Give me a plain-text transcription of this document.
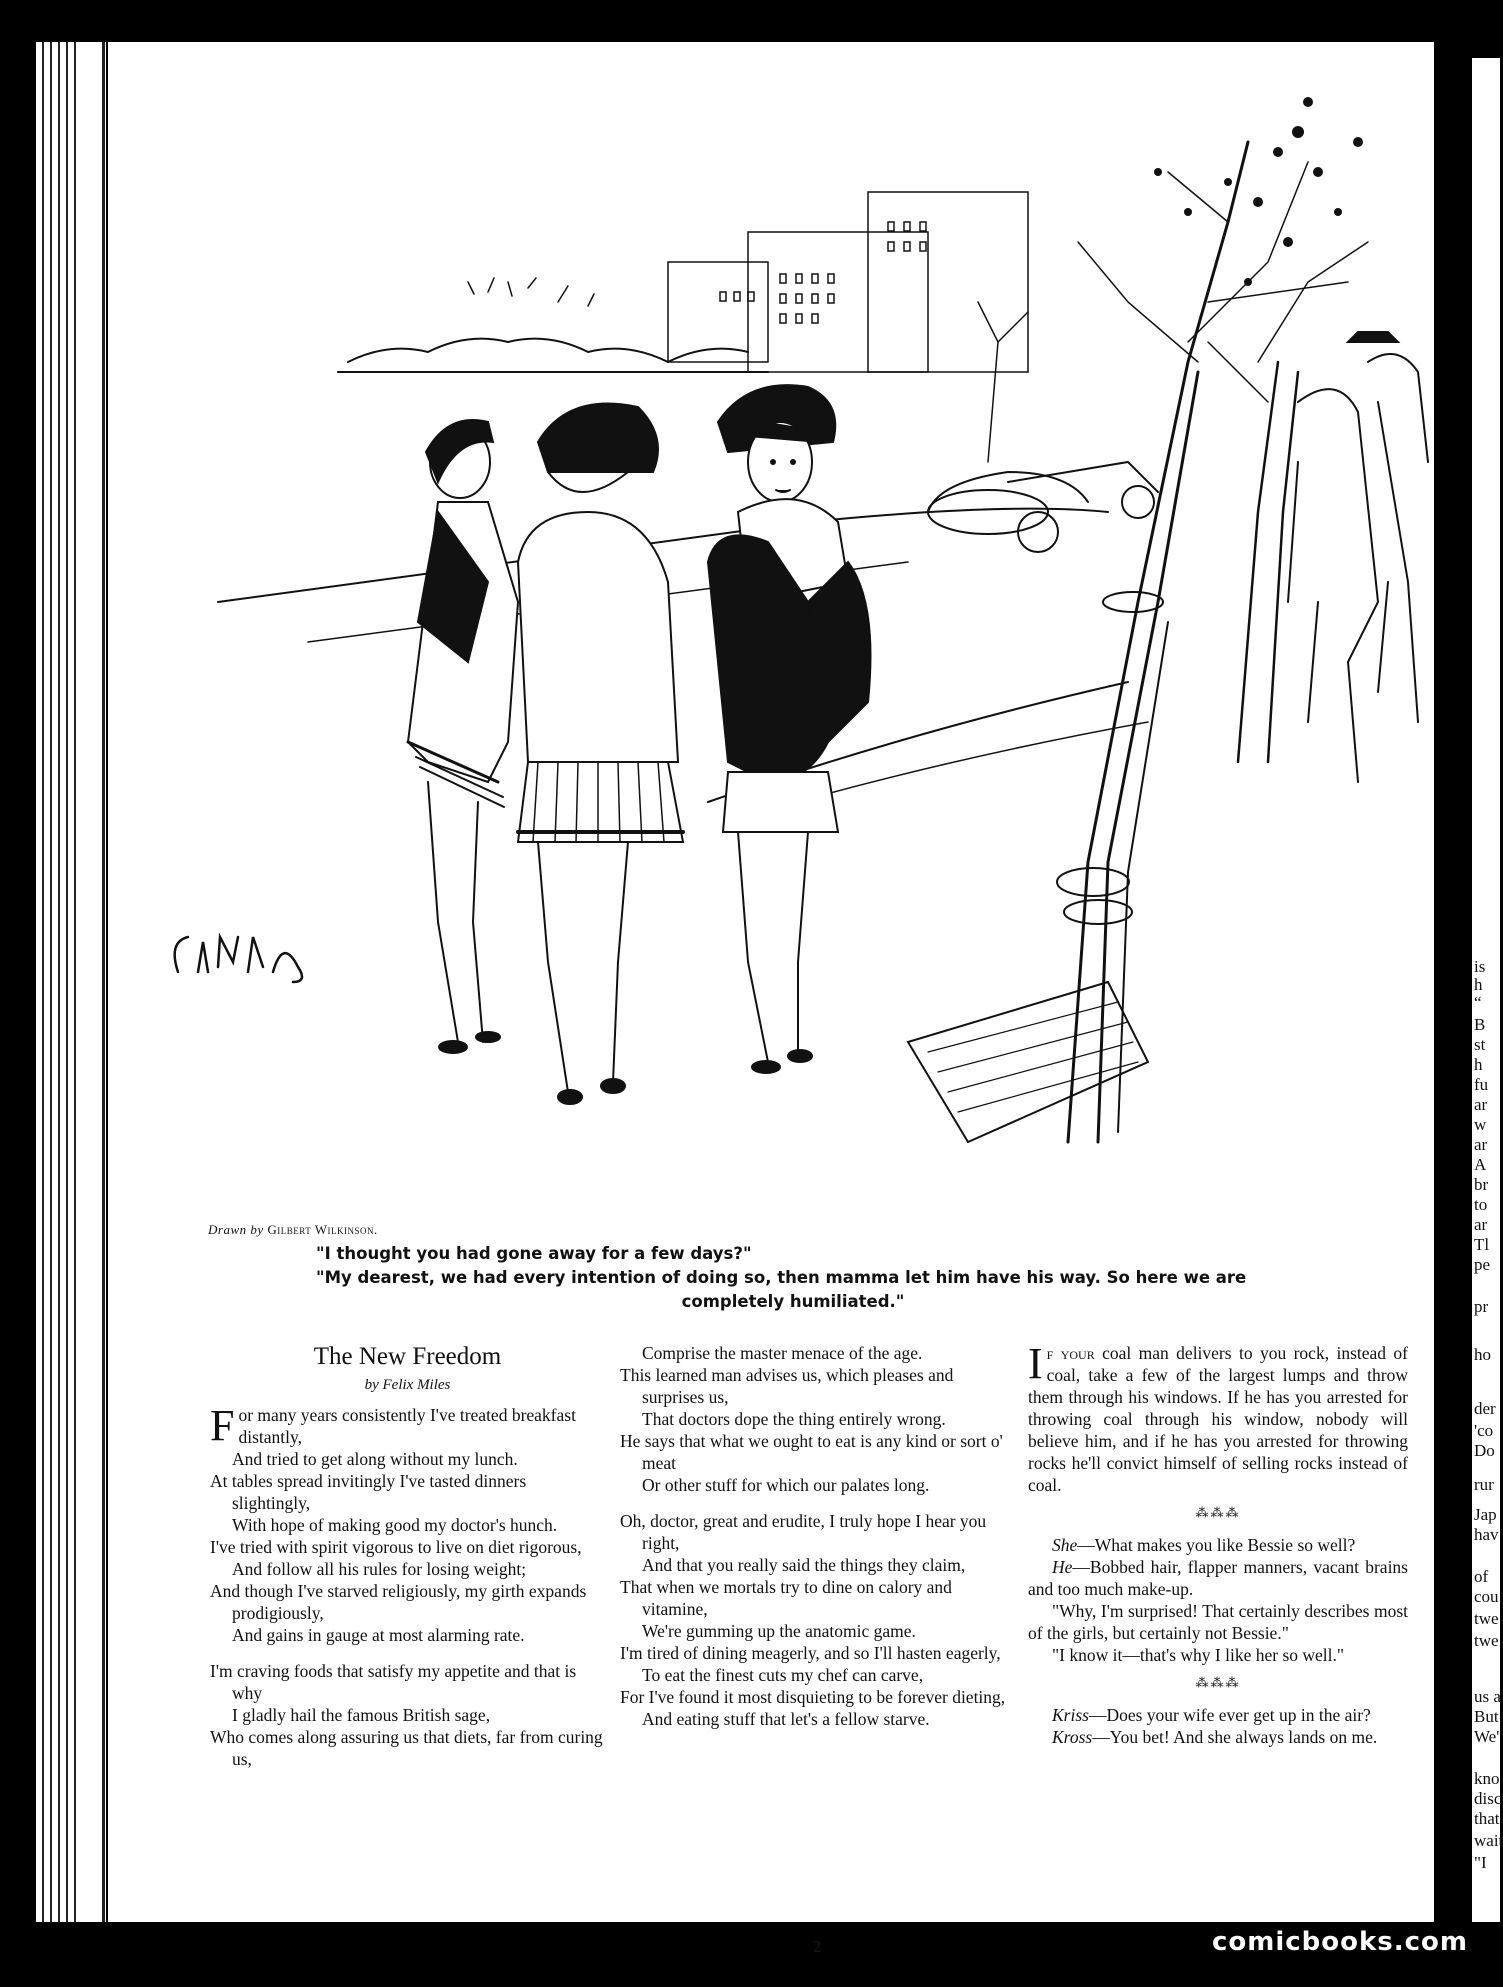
Drawn by Gilbert Wilkinson.
"I thought you had gone away for a few days?"
"My dearest, we had every intention of doing so, then mamma let him have his way. So here we are
completely humiliated."
The New Freedom
by Felix Miles
F or many years consistently I've treated breakfast distantly,
And tried to get along without my lunch.
At tables spread invitingly I've tasted dinners slightingly,
With hope of making good my doctor's hunch.
I've tried with spirit vigorous to live on diet rigorous,
And follow all his rules for losing weight;
And though I've starved religiously, my girth expands prodigiously,
And gains in gauge at most alarming rate.
I'm craving foods that satisfy my appetite and that is why
I gladly hail the famous British sage,
Who comes along assuring us that diets, far from curing us,
Comprise the master menace of the age.
This learned man advises us, which pleases and surprises us,
That doctors dope the thing entirely wrong.
He says that what we ought to eat is any kind or sort o' meat
Or other stuff for which our palates long.
Oh, doctor, great and erudite, I truly hope I hear you right,
And that you really said the things they claim,
That when we mortals try to dine on calory and vitamine,
We're gumming up the anatomic game.
I'm tired of dining meagerly, and so I'll hasten eagerly,
To eat the finest cuts my chef can carve,
For I've found it most disquieting to be forever dieting,
And eating stuff that let's a fellow starve.

If your coal man delivers to you rock, instead of coal, take a few of the largest lumps and throw them through his windows. If he has you arrested for throwing coal through his window, nobody will believe him, and if he has you arrested for throwing rocks he'll convict himself of selling rocks instead of coal.

⁂⁂⁂

She—What makes you like Bessie so well?

He—Bobbed hair, flapper manners, vacant brains and too much make-up.

"Why, I'm surprised! That certainly describes most of the girls, but certainly not Bessie."

"I know it—that's why I like her so well."

⁂⁂⁂

Kriss—Does your wife ever get up in the air?

Kross—You bet! And she always lands on me.

2
is
h
“
B
st
h
fu
ar
w
ar
A
br
to
ar
Tl
pe
pr
ho
der
'co
Do
rur
Jap
hav
of
cou
twe
twe
us a
But
We'
kno
disc
that
wait
"I
comicbooks.com
